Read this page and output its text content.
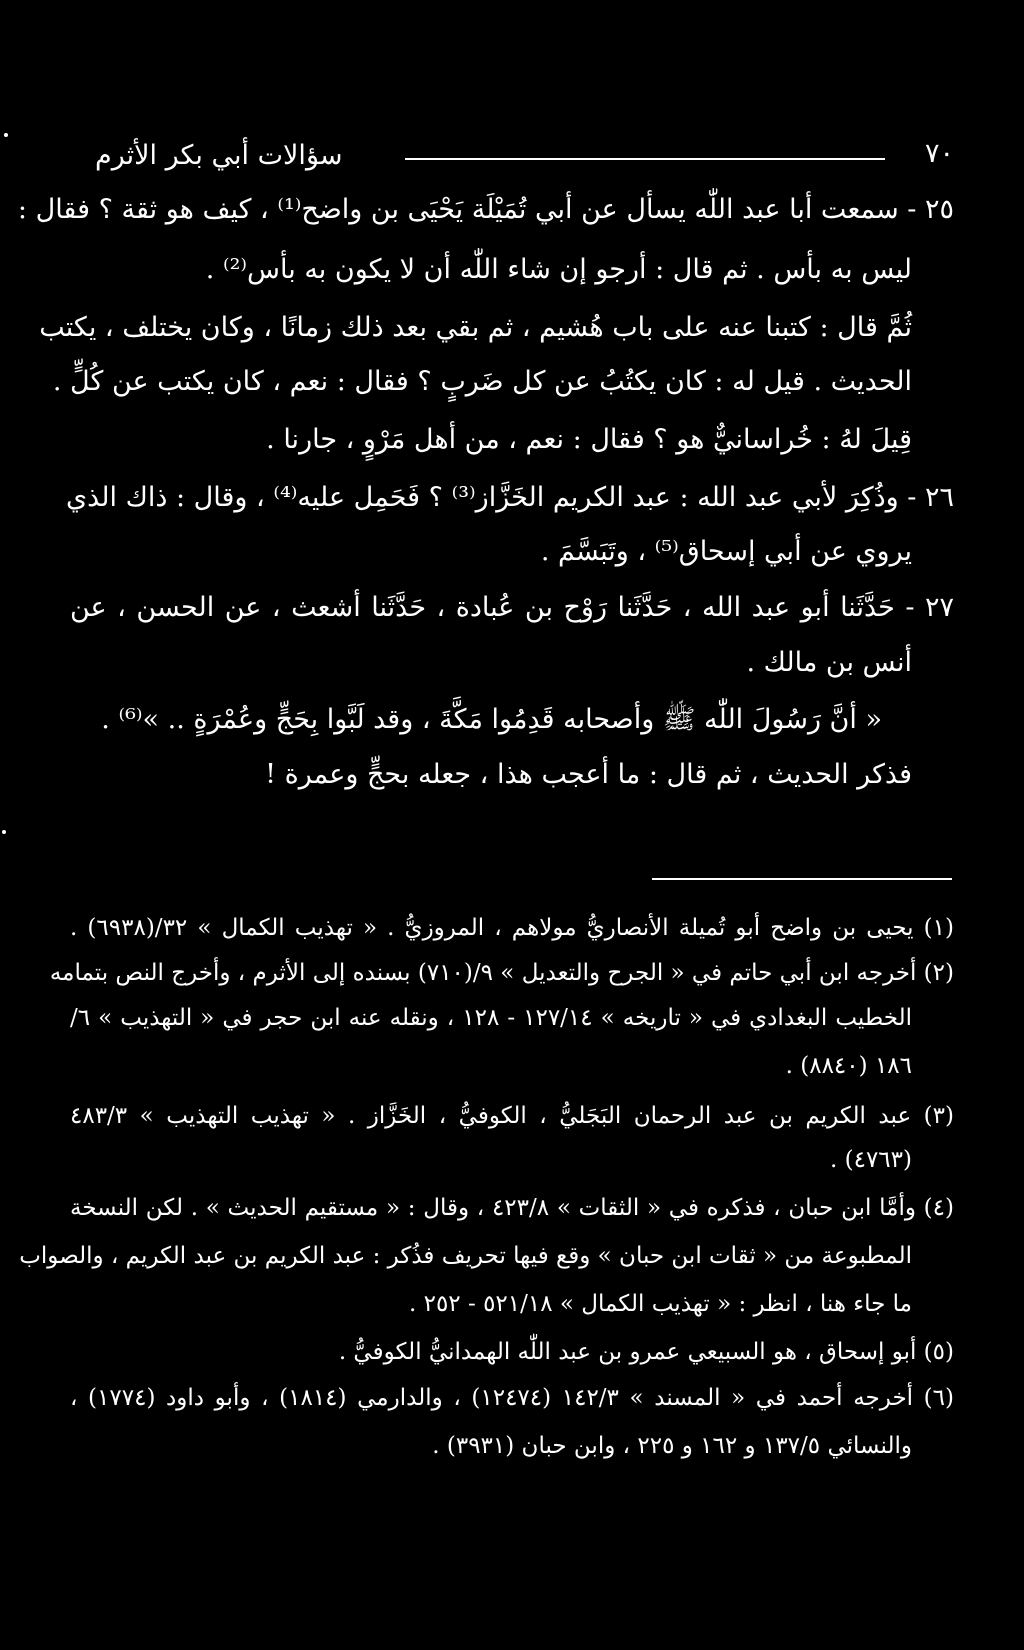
٧٠
سؤالات أبي بكر الأثرم
٢٥ - سمعت أبا عبد اللّٰه يسأل عن أبي تُمَيْلَة يَحْيَى بن واضح⁽¹⁾ ، كيف هو ثقة ؟ فقال :
ليس به بأس . ثم قال : أرجو إن شاء اللّٰه أن لا يكون به بأس⁽²⁾ .
ثُمَّ قال : كتبنا عنه على باب هُشيم ، ثم بقي بعد ذلك زمانًا ، وكان يختلف ، يكتب
الحديث . قيل له : كان يكتُبُ عن كل ضَربٍ ؟ فقال : نعم ، كان يكتب عن كُلٍّ .
قِيلَ لهُ : خُراسانيٌّ هو ؟ فقال : نعم ، من أهل مَرْوٍ ، جارنا .
٢٦ - وذُكِرَ لأبي عبد الله : عبد الكريم الخَزَّاز⁽³⁾ ؟ فَحَمِل عليه⁽⁴⁾ ، وقال : ذاك الذي
يروي عن أبي إسحاق⁽⁵⁾ ، وتَبَسَّمَ .
٢٧ - حَدَّثَنا أبو عبد الله ، حَدَّثَنا رَوْح بن عُبادة ، حَدَّثَنا أشعث ، عن الحسن ، عن
أنس بن مالك .
« أنَّ رَسُولَ اللّٰه ﷺ وأصحابه قَدِمُوا مَكَّةَ ، وقد لَبَّوا بِحَجٍّ وعُمْرَةٍ .. »⁽⁶⁾ .
فذكر الحديث ، ثم قال : ما أعجب هذا ، جعله بحجٍّ وعمرة !
(١) يحيى بن واضح أبو تُميلة الأنصاريُّ مولاهم ، المروزيُّ . « تهذيب الكمال » ٣٢/(٦٩٣٨) .
(٢) أخرجه ابن أبي حاتم في « الجرح والتعديل » ٩/(٧١٠) بسنده إلى الأثرم ، وأخرج النص بتمامه
الخطيب البغدادي في « تاريخه » ١٢٧/١٤ - ١٢٨ ، ونقله عنه ابن حجر في « التهذيب » ٦/
١٨٦ (٨٨٤٠) .
(٣) عبد الكريم بن عبد الرحمان البَجَليُّ ، الكوفيُّ ، الخَزَّاز . « تهذيب التهذيب » ٤٨٣/٣
(٤٧٦٣) .
(٤) وأمَّا ابن حبان ، فذكره في « الثقات » ٤٢٣/٨ ، وقال : « مستقيم الحديث » . لكن النسخة
المطبوعة من « ثقات ابن حبان » وقع فيها تحريف فذُكر : عبد الكريم بن عبد الكريم ، والصواب
ما جاء هنا ، انظر : « تهذيب الكمال » ٥٢١/١٨ - ٢٥٢ .
(٥) أبو إسحاق ، هو السبيعي عمرو بن عبد اللّٰه الهمدانيُّ الكوفيُّ .
(٦) أخرجه أحمد في « المسند » ١٤٢/٣ (١٢٤٧٤) ، والدارمي (١٨١٤) ، وأبو داود (١٧٧٤) ،
والنسائي ١٣٧/٥ و ١٦٢ و ٢٢٥ ، وابن حبان (٣٩٣١) .
